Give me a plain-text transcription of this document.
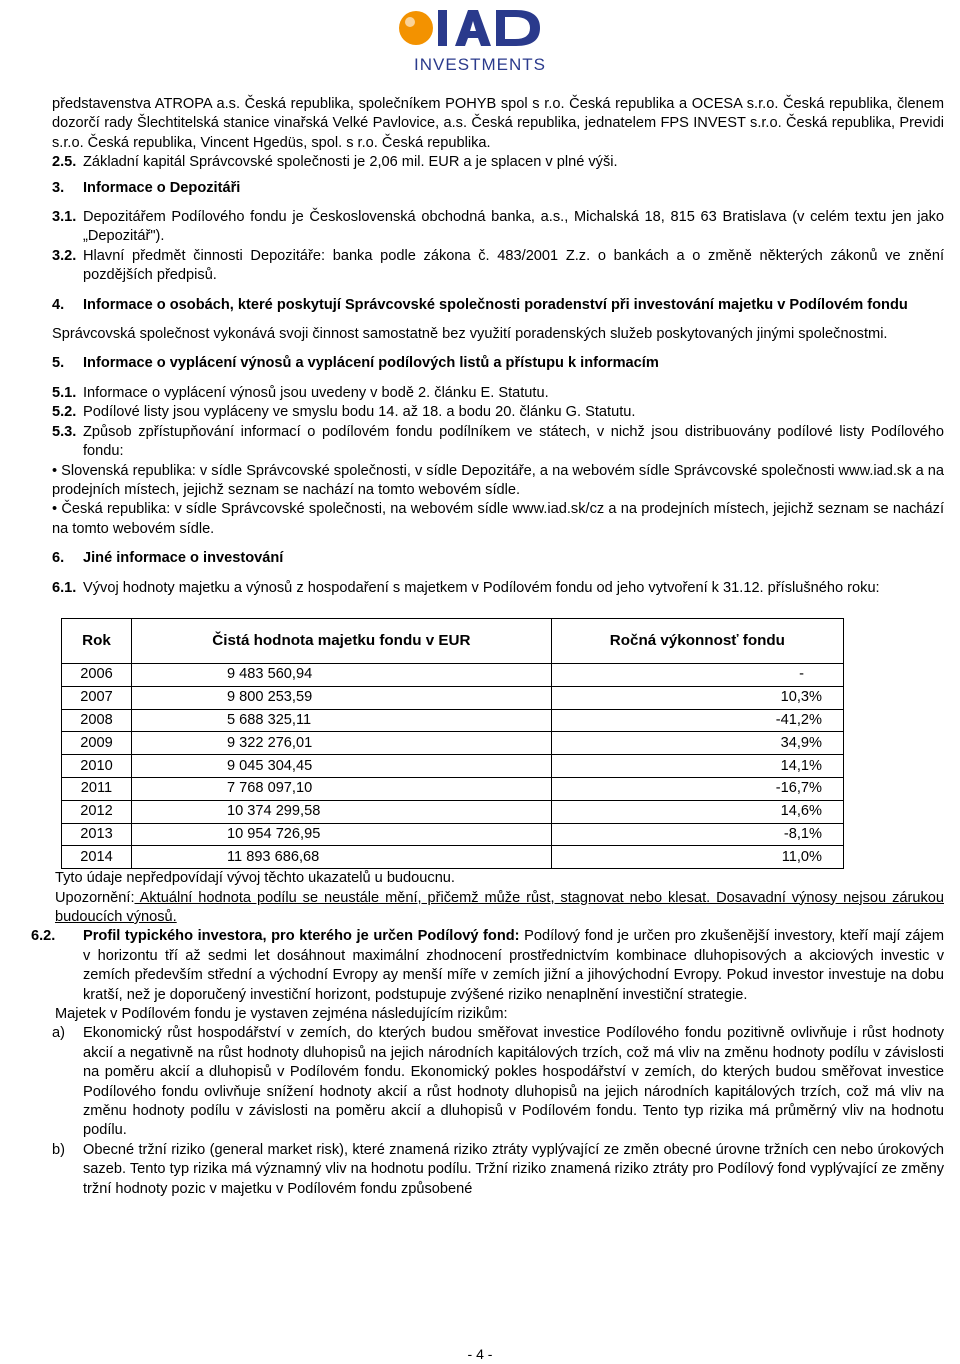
INVESTMENTS

představenstva ATROPA a.s. Česká republika, společníkem POHYB spol s r.o. Česká republika a OCESA s.r.o. Česká republika, členem dozorčí rady Šlechtitelská stanice vinařská Velké Pavlovice, a.s. Česká republika, jednatelem FPS INVEST s.r.o. Česká republika, Previdi s.r.o. Česká republika, Vincent Hgedüs, spol. s r.o. Česká republika.

2.5. Základní kapitál Správcovské společnosti je 2,06 mil. EUR a je splacen v plné výši.
3.	Informace o Depozitáři
3.1. Depozitářem Podílového fondu je Československá obchodná banka, a.s., Michalská 18, 815 63 Bratislava (v celém textu jen jako „Depozitář").
3.2. Hlavní předmět činnosti Depozitáře: banka podle zákona č. 483/2001 Z.z. o bankách a o změně některých zákonů ve znění pozdějších předpisů.
4.	Informace o osobách, které poskytují Správcovské společnosti poradenství při investování majetku v Podílovém fondu

Správcovská společnost vykonává svoji činnost samostatně bez využití poradenských služeb poskytovaných jinými společnostmi.

5.	Informace o vyplácení výnosů a vyplácení podílových listů a přístupu k informacím
5.1. Informace o vyplácení výnosů jsou uvedeny v bodě 2. článku E. Statutu.
5.2. Podílové listy jsou vypláceny ve smyslu bodu 14. až 18. a bodu 20. článku G. Statutu.
5.3. Způsob zpřístupňování informací o podílovém fondu podílníkem ve státech, v nichž jsou distribuovány podílové listy Podílového fondu:

• Slovenská republika: v sídle Správcovské společnosti, v sídle Depozitáře, a na webovém sídle Správcovské společnosti www.iad.sk a na prodejních místech, jejichž seznam se nachází na tomto webovém sídle.

• Česká republika: v sídle Správcovské společnosti, na webovém sídle www.iad.sk/cz a na prodejních místech, jejichž seznam se nachází na tomto webovém sídle.

6.	Jiné informace o investování
6.1. Vývoj hodnoty majetku a výnosů z hospodaření s majetkem v Podílovém fondu od jeho vytvoření k 31.12. příslušného roku:
Rok	Čistá hodnota majetku fondu v EUR	Ročná výkonnosť fondu
2006	9 483 560,94	-
2007	9 800 253,59	10,3%
2008	5 688 325,11	-41,2%
2009	9 322 276,01	34,9%
2010	9 045 304,45	14,1%
2011	7 768 097,10	-16,7%
2012	10 374 299,58	14,6%
2013	10 954 726,95	-8,1%
2014	11 893 686,68	11,0%

Tyto údaje nepředpovídají vývoj těchto ukazatelů u budoucnu.

Upozornění: Aktuální hodnota podílu se neustále mění, přičemž může růst, stagnovat nebo klesat. Dosavadní výnosy nejsou zárukou budoucích výnosů.

6.2.	Profil typického investora, pro kterého je určen Podílový fond: Podílový fond je určen pro zkušenější investory, kteří mají zájem v horizontu tří až sedmi let dosáhnout maximální zhodnocení prostřednictvím kombinace dluhopisových a akciových investic v zemích především střední a východní Evropy ay menší míře v zemích jižní a jihovýchodní Evropy. Pokud investor investuje na dobu kratší, než je doporučený investiční horizont, podstupuje zvýšené riziko nenaplnění investiční strategie.

Majetek v Podílovém fondu je vystaven zejména následujícím rizikům:

a)	Ekonomický růst hospodářství v zemích, do kterých budou směřovat investice Podílového fondu pozitivně ovlivňuje i růst hodnoty akcií a negativně na růst hodnoty dluhopisů na jejich národních kapitálových trzích, což má vliv na změnu hodnoty podílu v závislosti na poměru akcií a dluhopisů v Podílovém fondu. Ekonomický pokles hospodářství v zemích, do kterých budou směřovat investice Podílového fondu ovlivňuje snížení hodnoty akcií a růst hodnoty dluhopisů na jejich národních kapitálových trzích, což má vliv na změnu hodnoty podílu v závislosti na poměru akcií a dluhopisů v Podílovém fondu. Tento typ rizika má průměrný vliv na hodnotu podílu.
b)	Obecné tržní riziko (general market risk), které znamená riziko ztráty vyplývající ze změn obecné úrovne tržních cen nebo úrokových sazeb. Tento typ rizika má významný vliv na hodnotu podílu. Tržní riziko znamená riziko ztráty pro Podílový fond vyplývající ze změny tržní hodnoty pozic v majetku v Podílovém fondu způsobené
- 4 -
